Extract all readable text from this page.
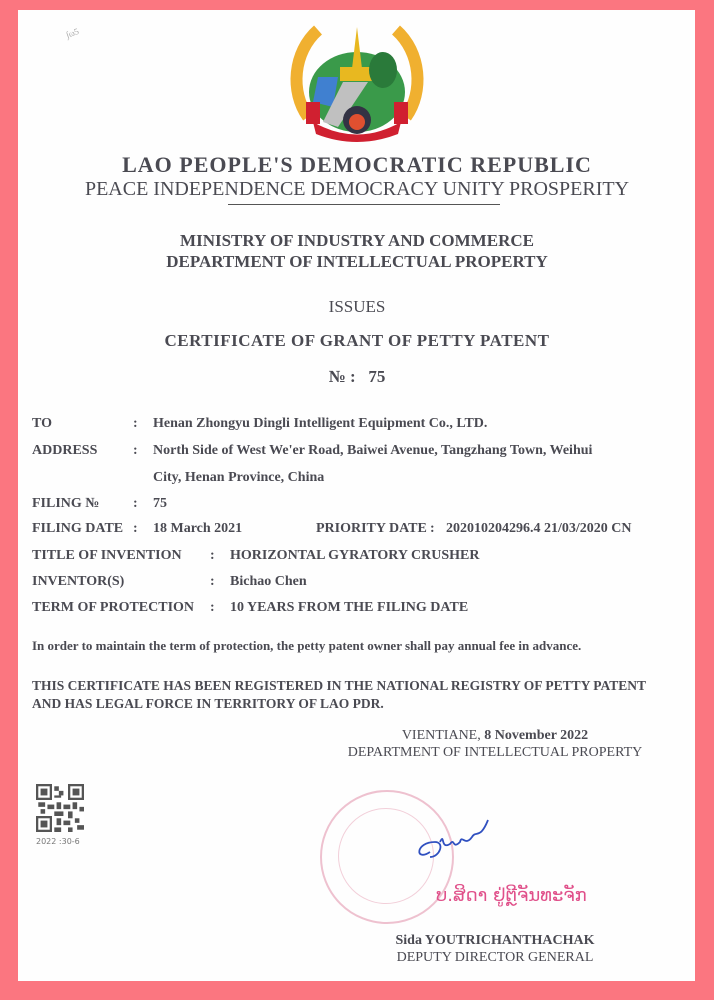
∫ω5
LAO PEOPLE'S DEMOCRATIC REPUBLIC
PEACE INDEPENDENCE DEMOCRACY UNITY PROSPERITY
MINISTRY OF INDUSTRY AND COMMERCE
DEPARTMENT OF INTELLECTUAL PROPERTY
ISSUES
CERTIFICATE OF GRANT OF PETTY PATENT
№ : 75
TO	: Henan Zhongyu Dingli Intelligent Equipment Co., LTD.
ADDRESS	: North Side of West We'er Road, Baiwei Avenue, Tangzhang Town, Weihui
City, Henan Province, China
FILING № : 75
FILING DATE : 18 March 2021	PRIORITY DATE : 202010204296.4 21/03/2020 CN
TITLE OF INVENTION : HORIZONTAL GYRATORY CRUSHER
INVENTOR(S)	: Bichao Chen
TERM OF PROTECTION : 10 YEARS FROM THE FILING DATE
In order to maintain the term of protection, the petty patent owner shall pay annual fee in advance.
THIS CERTIFICATE HAS BEEN REGISTERED IN THE NATIONAL REGISTRY OF PETTY PATENT
AND HAS LEGAL FORCE IN TERRITORY OF LAO PDR.
VIENTIANE, 8 November 2022
DEPARTMENT OF INTELLECTUAL PROPERTY
ບ.ສິດາ ຢູ່ຕຼີຈັນທະຈັກ
Sida YOUTRICHANTHACHAK
DEPUTY DIRECTOR GENERAL
2022 :30-6
